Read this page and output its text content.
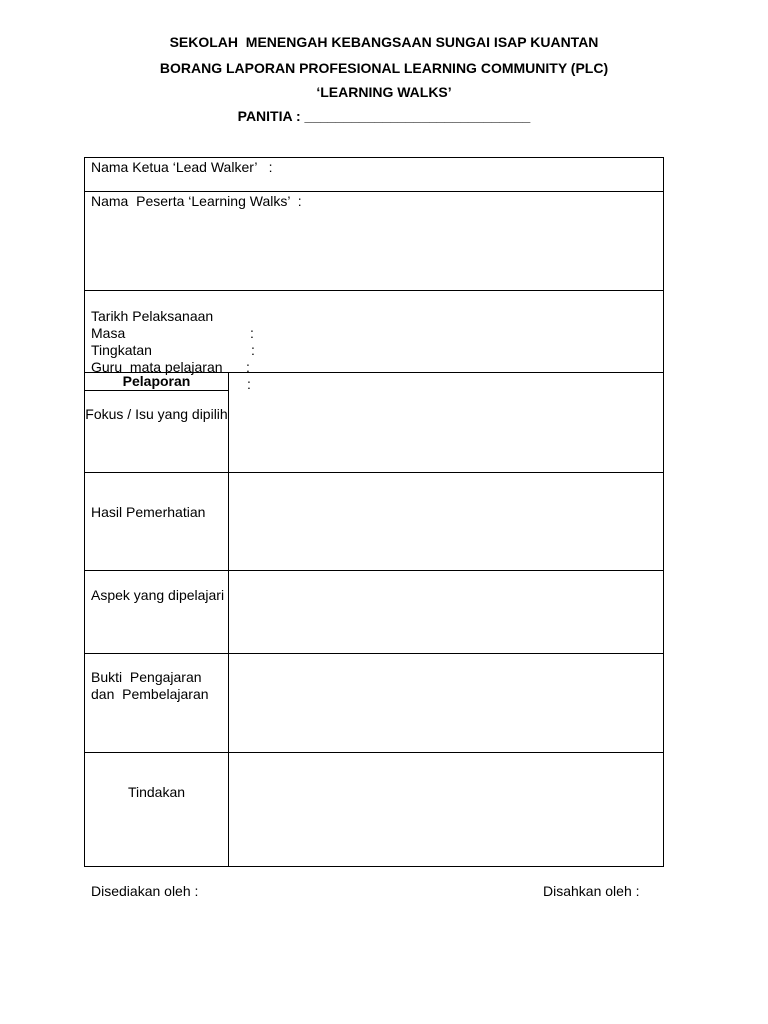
SEKOLAH  MENENGAH KEBANGSAAN SUNGAI ISAP KUANTAN
BORANG LAPORAN PROFESIONAL LEARNING COMMUNITY (PLC)
‘LEARNING WALKS’
PANITIA : _____________________________
Nama Ketua ‘Lead Walker’   :
Nama  Peserta ‘Learning Walks’  :

Tarikh Pelaksanaan

:

Masa

:

Tingkatan

:

Guru  mata pelajaran

:

Pelaporan
Fokus / Isu yang dipilih
Hasil Pemerhatian
Aspek yang dipelajari
Bukti  Pengajaran
dan  Pembelajaran
Tindakan
Disediakan oleh :	Disahkan oleh :
